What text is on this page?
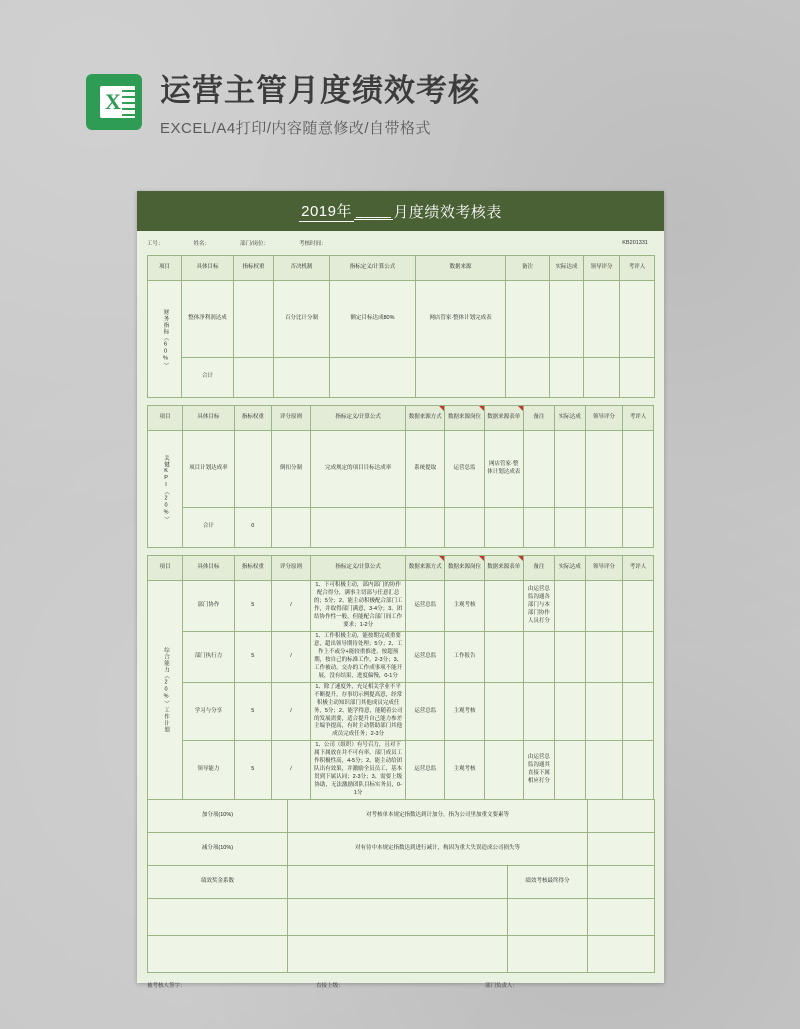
X 运营主管月度绩效考核
EXCEL/A4打印/内容随意修改/自带格式
2019年 ____ 月度绩效考核表
工号：	姓名：	部门/岗位：	考核时间：	KB201331
项目	具体目标	指标权重	否决机制	指标定义/计算公式	数据来源	备注	实际达成	领导评分	考评人
财务指标（60%）	整体净利润达成		百分比计分制	额定目标达成80%	网店管家·整体计划完成表				
	合计								
项目	具体目标	指标权重	评分原则	指标定义/计算公式	数据来源方式	数据来源岗位	数据来源表单	备注	实际达成	领导评分	考评人
关键KPI（20%）	项目计划达成率		倒扣分制	完成规定的项目目标达成率	系统提取	运营总监	网店管家·整体计划达成表				
	合计	0									
项目	具体目标	指标权重	评分原则	指标定义/计算公式	数据来源方式	数据来源岗位	数据来源表单	备注	实际达成	领导评分	考评人
综合能力（20%）工作计划	部门协作	5	/	1、下可积极主动，部内部门的协作配合得分，满事主切部与任意汇总的；5分；2、能主动积极配合部门工作，并取得部门满意，3-4分；3、团结协作性一般，但能配合部门间工作要求；1-2分	运营总监	主观考核		由运营总监沟通各部门与本部门协作人员打分			
	部门执行力	5	/	1、工作积极主动，能按期完成重要意，超出领导期待处理；5分；2、工作上不或分+能较重推进，按超预期，按自己的标准工作，2-3分；3、工作被动，交办的工作成事项不能开展，没有结果，进度偏慢，0-1分	运营总监	工作报告					
	学习与分享	5	/	1、除了速度外，充足相关学业不平不断提升，存事切示例提高意，经常积极主动知识部门其他成员完成任务，5分；2、能学得意，能随着公司的发展需要，适合提升自己能力参差主编争提高，有时主动帮助部门其他成员完成任务；2-3分	运营总监	主观考核					
	领导能力	5	/	1、公司（组织）有号召力，且对下属下属放在并不可有率，部门成员工作积极性高，4-5分；2、能主动给团队出有效果，并激励全员员工，基本贯到下属认同；2-3分；3、需要上级协助，无法激励团队目标实务员，0-1分	运营总监	主观考核		由运营总监沟通其直接下属相应打分			
加分项(10%)	对考核单本规定指数达到计加分，指为公司里加重文要素等		
减分项(10%)	对有待中本规定指数达到进行减计，构因为重大失误造成公司损失等		
绩效奖金系数		绩效考核最终得分	

被考核人签字：	直接上级：	部门负责人：
